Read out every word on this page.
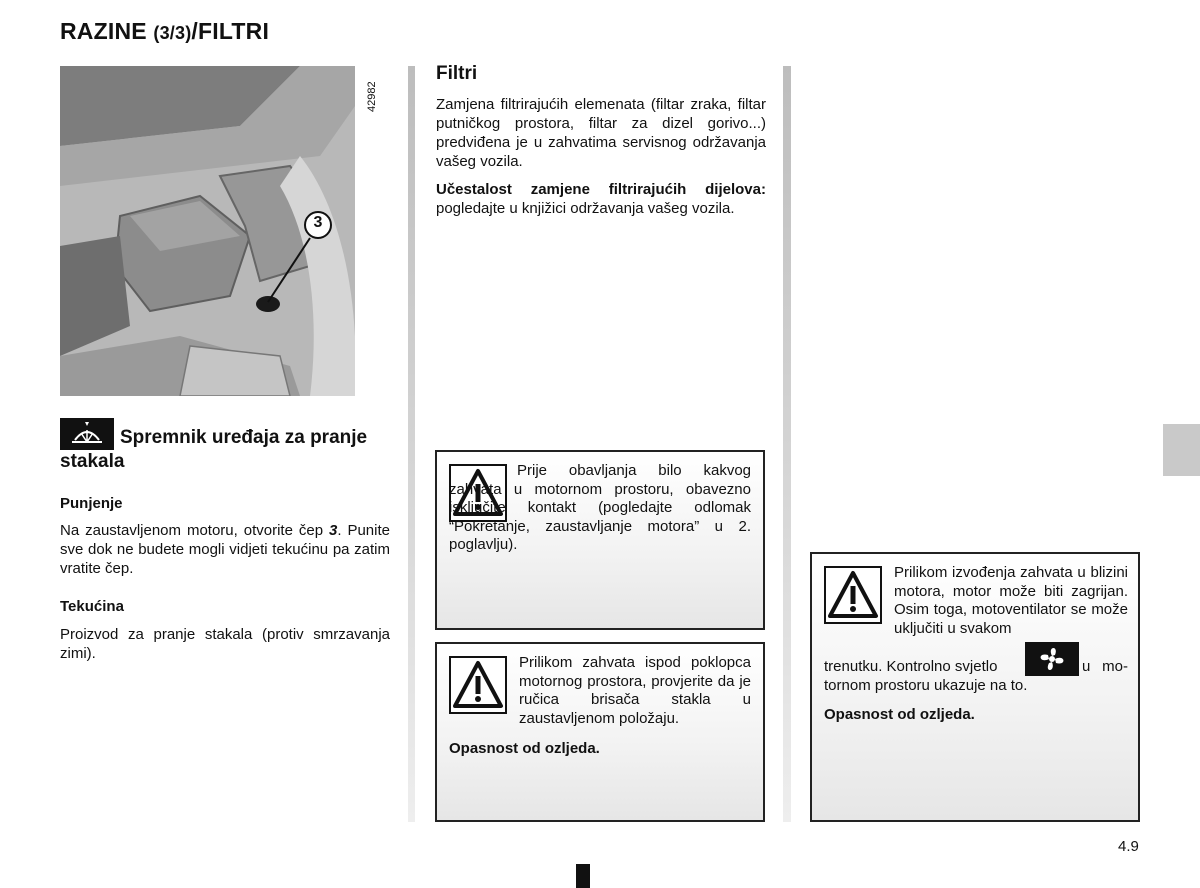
RAZINE (3/3)/FILTRI
3
42982
Spremnik uređaja za pranje stakala
Punjenje
Na zaustavljenom motoru, otvorite čep 3. Punite sve dok ne budete mogli vidjeti tekućinu pa zatim vratite čep.
Tekućina
Proizvod za pranje stakala (protiv smrzavanja zimi).
Filtri
Zamjena filtrirajućih elemenata (filtar zraka, filtar putničkog prostora, filtar za dizel gorivo...) predviđena je u zahvatima servisnog održavanja vašeg vozila.
Učestalost zamjene filtrirajućih dijelova: pogledajte u knjižici održavanja vašeg vozila.
Prije obavljanja bilo kakvog zahvata u motornom prostoru, obavezno isključite kontakt (pogledajte odlomak “Pokretanje, zaustavljanje motora” u 2. poglavlju).
Prilikom zahvata ispod poklopca motornog prostora, provjerite da je ručica brisača stakla u zaustavljenom položaju.
Opasnost od ozljeda.
Prilikom izvođenja zahvata u blizini motora, motor može biti zagrijan. Osim toga, motoventilator se može uključiti u svakom
trenutku. Kontrolno svjetlo	u motornom prostoru ukazuje na to.
Opasnost od ozljeda.
4.9
